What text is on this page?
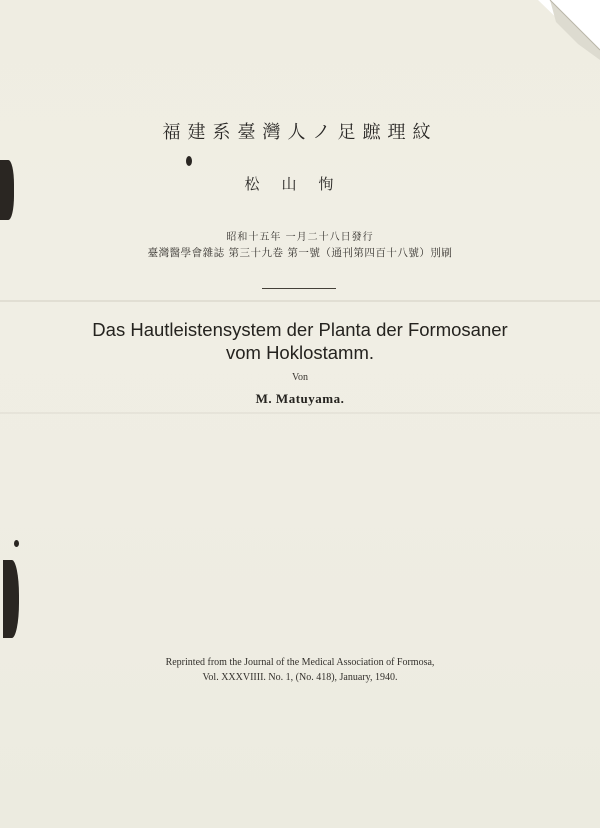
福建系臺灣人ノ足蹠理紋
松山恂
昭和十五年 一月二十八日發行
臺灣醫學會雜誌 第三十九卷 第一號（通刊第四百十八號）別刷
Das Hautleistensystem der Planta der Formosaner
vom Hoklostamm.
Von
M. Matuyama.
Reprinted from the Journal of the Medical Association of Formosa,
Vol. XXXVIIII. No. 1, (No. 418), January, 1940.
